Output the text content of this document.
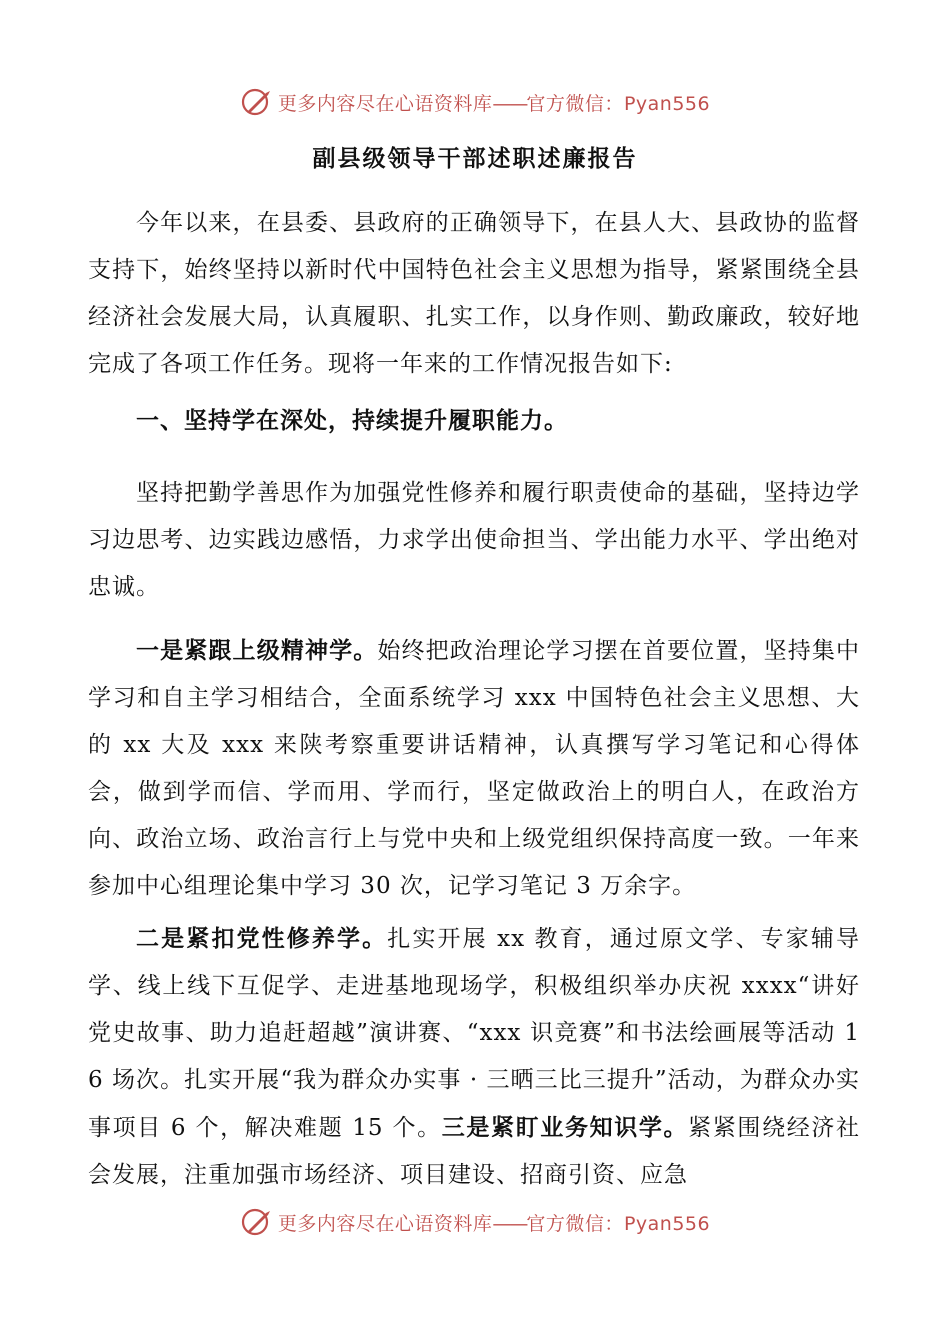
更多内容尽在心语资料库——官方微信：Pyan556
副县级领导干部述职述廉报告

今年以来，在县委、县政府的正确领导下，在县人大、县政协的监督支持下，始终坚持以新时代中国特色社会主义思想为指导，紧紧围绕全县经济社会发展大局，认真履职、扎实工作，以身作则、勤政廉政，较好地完成了各项工作任务。现将一年来的工作情况报告如下:

一、坚持学在深处，持续提升履职能力。

坚持把勤学善思作为加强党性修养和履行职责使命的基础，坚持边学习边思考、边实践边感悟，力求学出使命担当、学出能力水平、学出绝对忠诚。

一是紧跟上级精神学。始终把政治理论学习摆在首要位置，坚持集中学习和自主学习相结合，全面系统学习 xxx 中国特色社会主义思想、大的 xx 大及 xxx 来陕考察重要讲话精神，认真撰写学习笔记和心得体会，做到学而信、学而用、学而行，坚定做政治上的明白人，在政治方向、政治立场、政治言行上与党中央和上级党组织保持高度一致。一年来参加中心组理论集中学习 30 次，记学习笔记 3 万余字。

二是紧扣党性修养学。扎实开展 xx 教育，通过原文学、专家辅导学、线上线下互促学、走进基地现场学，积极组织举办庆祝 xxxx“讲好党史故事、助力追赶超越”演讲赛、“xxx 识竞赛”和书法绘画展等活动 16 场次。扎实开展“我为群众办实事 · 三晒三比三提升”活动，为群众办实事项目 6 个，解决难题 15 个。三是紧盯业务知识学。紧紧围绕经济社会发展，注重加强市场经济、项目建设、招商引资、应急

更多内容尽在心语资料库——官方微信：Pyan556
